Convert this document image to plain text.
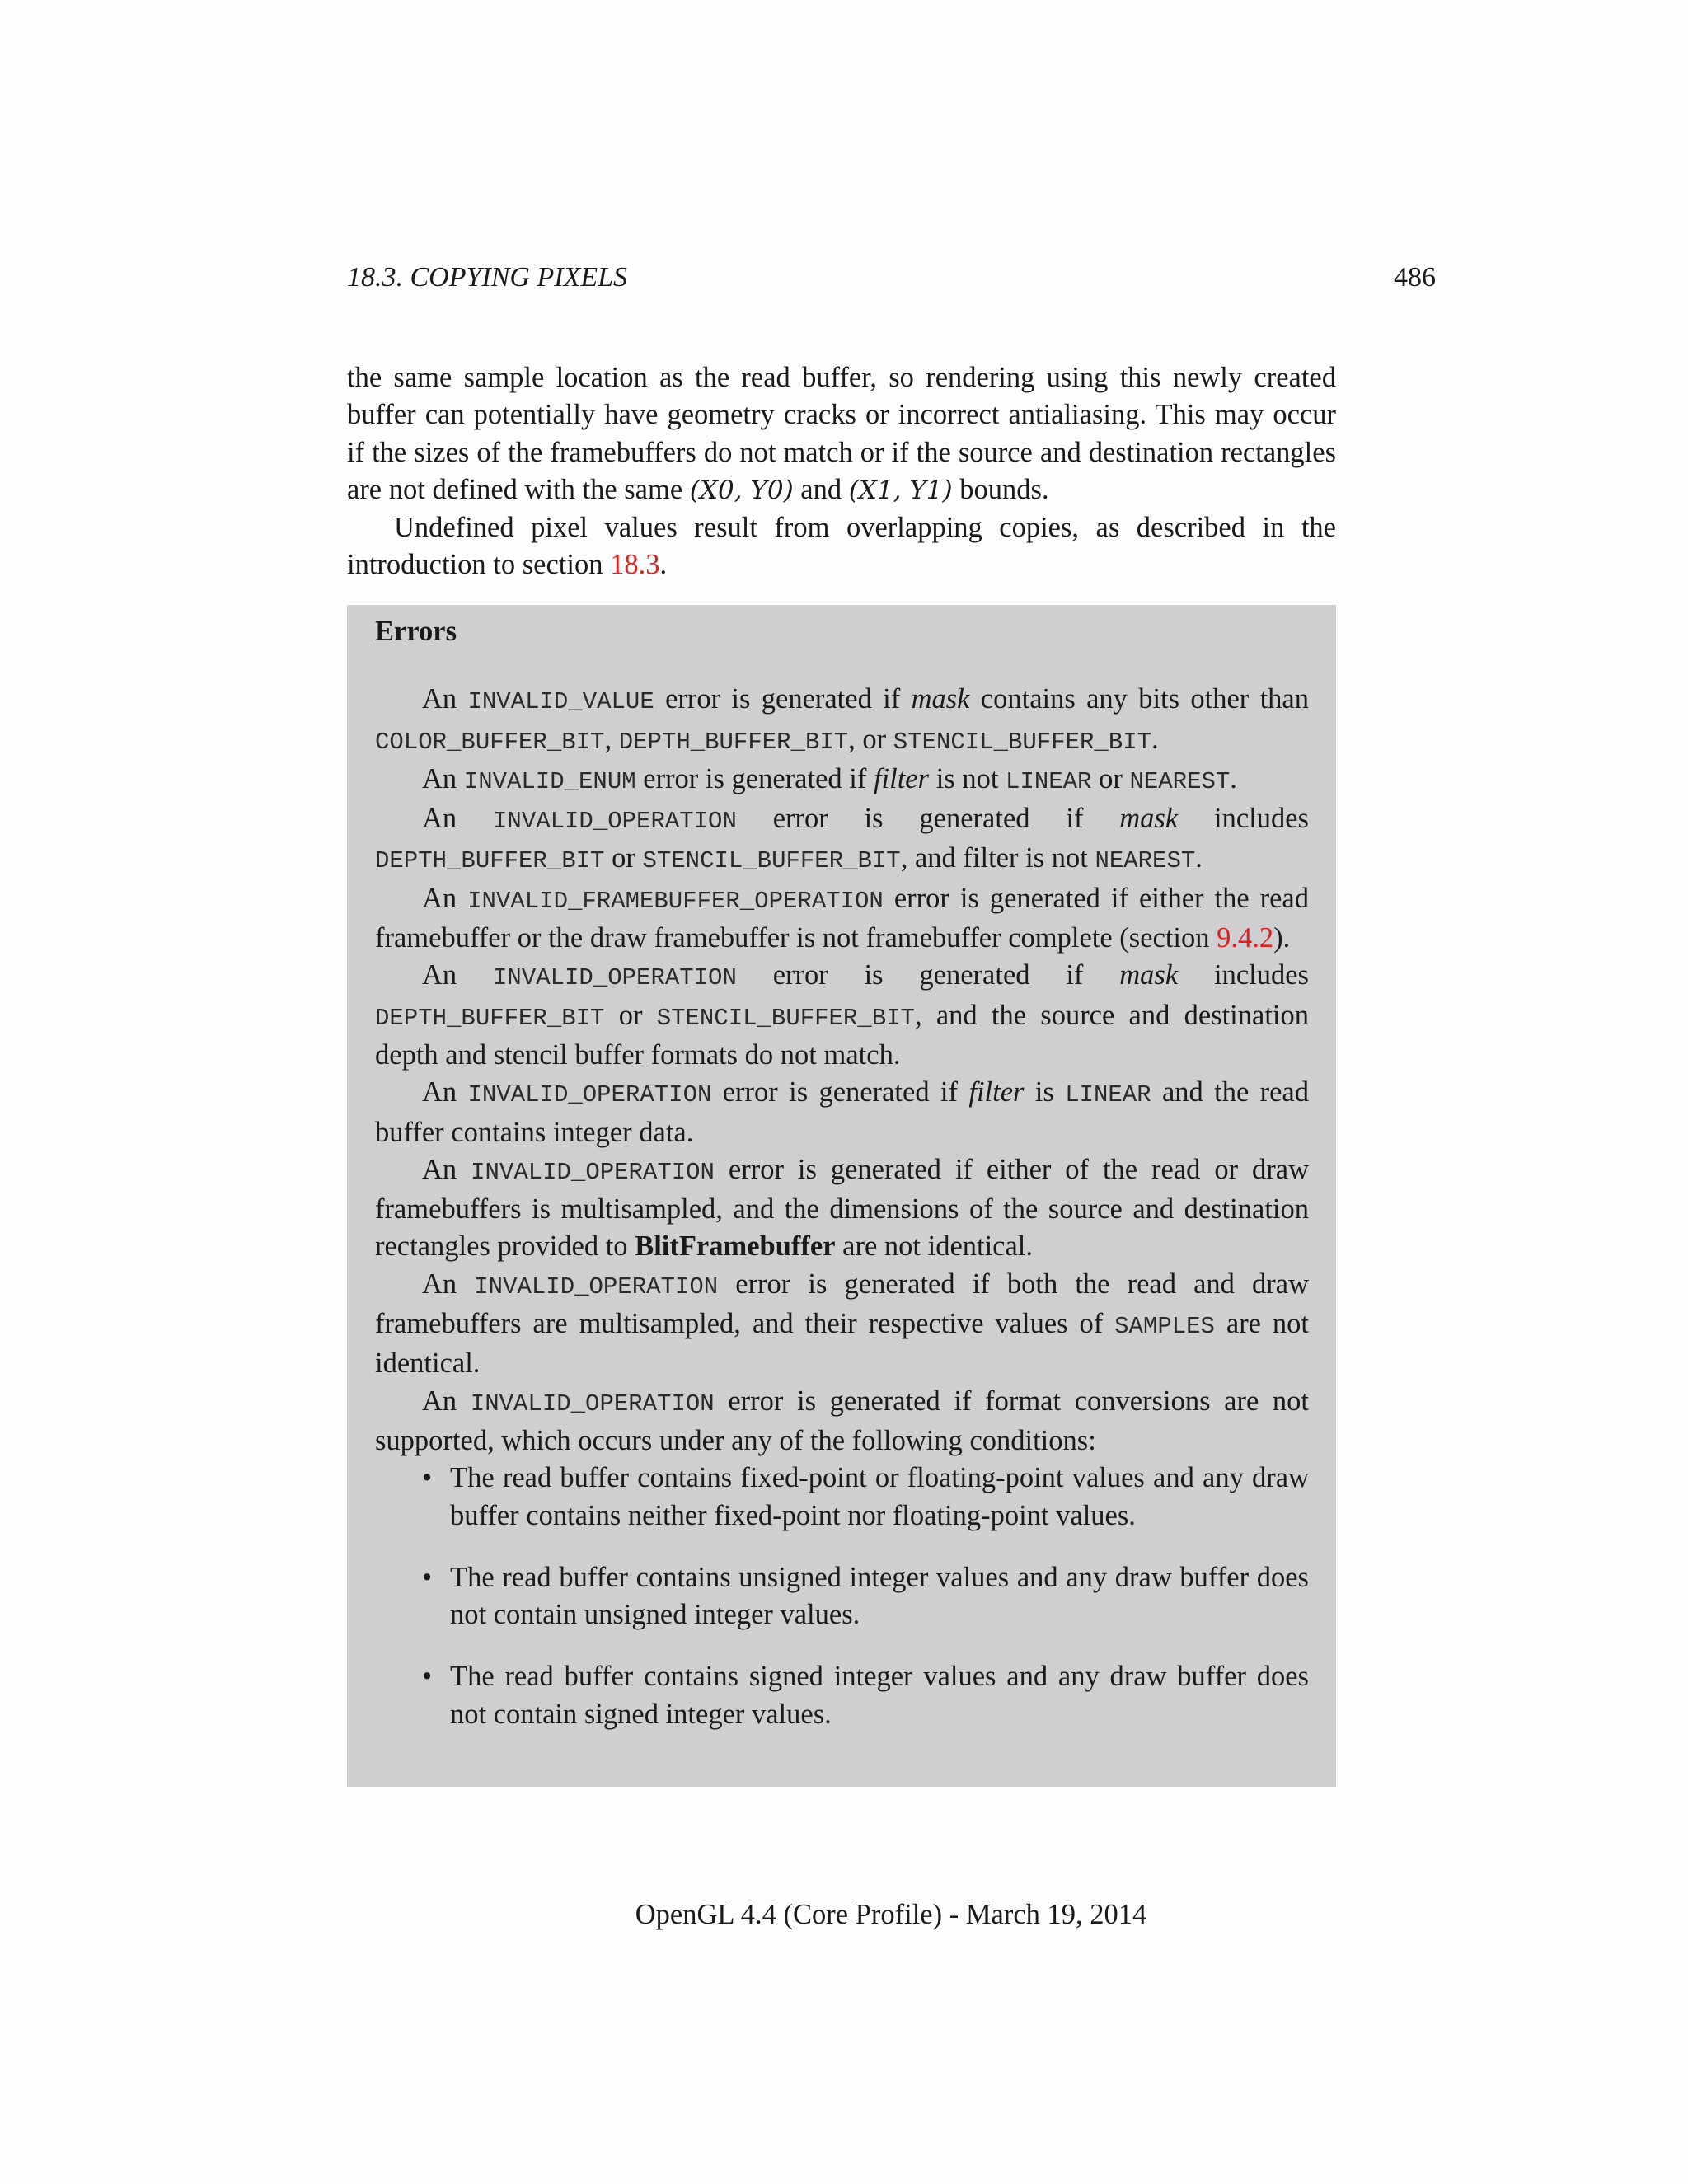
18.3. COPYING PIXELS	486

the same sample location as the read buffer, so rendering using this newly created buffer can potentially have geometry cracks or incorrect antialiasing. This may occur if the sizes of the framebuffers do not match or if the source and destination rectangles are not defined with the same (X0, Y0) and (X1, Y1) bounds.

Undefined pixel values result from overlapping copies, as described in the introduction to section 18.3.

Errors

An INVALID_VALUE error is generated if mask contains any bits other than COLOR_BUFFER_BIT, DEPTH_BUFFER_BIT, or STENCIL_BUFFER_BIT.

An INVALID_ENUM error is generated if filter is not LINEAR or NEAREST.

An INVALID_OPERATION error is generated if mask includes DEPTH_BUFFER_BIT or STENCIL_BUFFER_BIT, and filter is not NEAREST.

An INVALID_FRAMEBUFFER_OPERATION error is generated if either the read framebuffer or the draw framebuffer is not framebuffer complete (section 9.4.2).

An INVALID_OPERATION error is generated if mask includes DEPTH_BUFFER_BIT or STENCIL_BUFFER_BIT, and the source and destination depth and stencil buffer formats do not match.

An INVALID_OPERATION error is generated if filter is LINEAR and the read buffer contains integer data.

An INVALID_OPERATION error is generated if either of the read or draw framebuffers is multisampled, and the dimensions of the source and destination rectangles provided to BlitFramebuffer are not identical.

An INVALID_OPERATION error is generated if both the read and draw framebuffers are multisampled, and their respective values of SAMPLES are not identical.

An INVALID_OPERATION error is generated if format conversions are not supported, which occurs under any of the following conditions:

• The read buffer contains fixed-point or floating-point values and any draw buffer contains neither fixed-point nor floating-point values.
• The read buffer contains unsigned integer values and any draw buffer does not contain unsigned integer values.
• The read buffer contains signed integer values and any draw buffer does not contain signed integer values.
OpenGL 4.4 (Core Profile) - March 19, 2014
